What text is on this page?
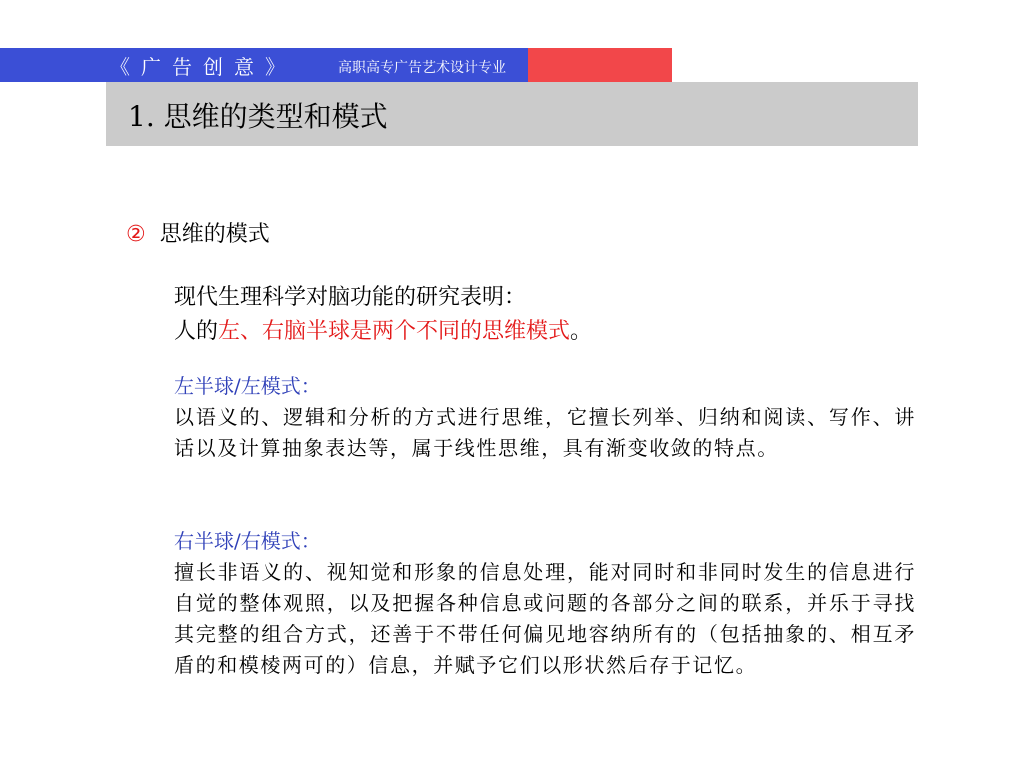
《广告创意》	高职高专广告艺术设计专业
1. 思维的类型和模式
② 思维的模式
现代生理科学对脑功能的研究表明：
人的左、右脑半球是两个不同的思维模式。
左半球/左模式：
以语义的、逻辑和分析的方式进行思维，它擅长列举、归纳和阅读、写作、讲话以及计算抽象表达等，属于线性思维，具有渐变收敛的特点。
右半球/右模式：
擅长非语义的、视知觉和形象的信息处理，能对同时和非同时发生的信息进行自觉的整体观照，以及把握各种信息或问题的各部分之间的联系，并乐于寻找其完整的组合方式，还善于不带任何偏见地容纳所有的（包括抽象的、相互矛盾的和模棱两可的）信息，并赋予它们以形状然后存于记忆。
